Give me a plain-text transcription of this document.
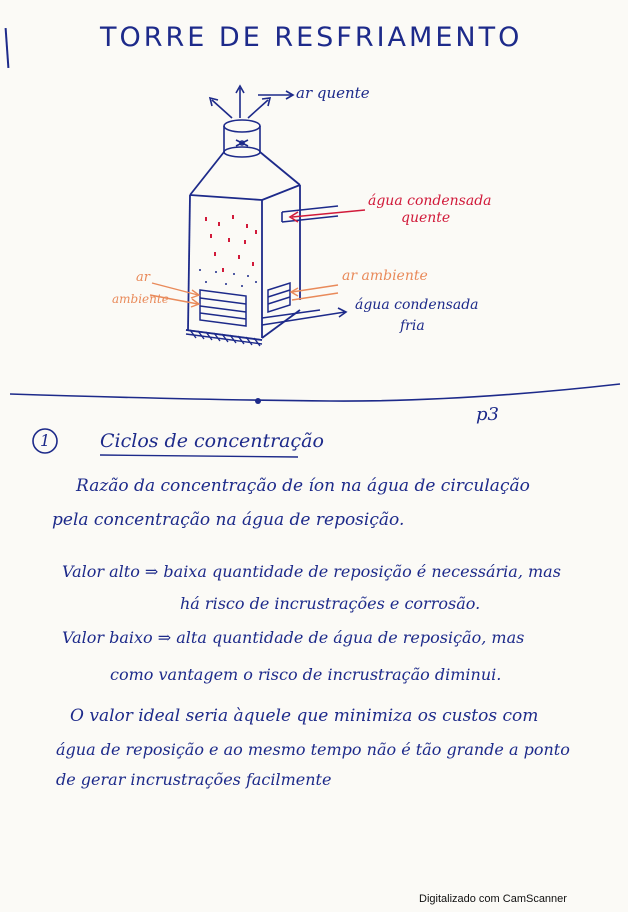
TORRE DE RESFRIAMENTO
ar quente
água condensada
quente
ar ambiente
ar
ambiente	água condensada
fria
p3
1	Ciclos de concentração
Razão da concentração de íon na água de circulação
pela concentração na água de reposição.
Valor alto ⇒ baixa quantidade de reposição é necessária, mas
há risco de incrustrações e corrosão.
Valor baixo ⇒ alta quantidade de água de reposição, mas
como vantagem o risco de incrustração diminui.
O valor ideal seria àquele que minimiza os custos com
água de reposição e ao mesmo tempo não é tão grande a ponto
de gerar incrustrações facilmente
Digitalizado com CamScanner
